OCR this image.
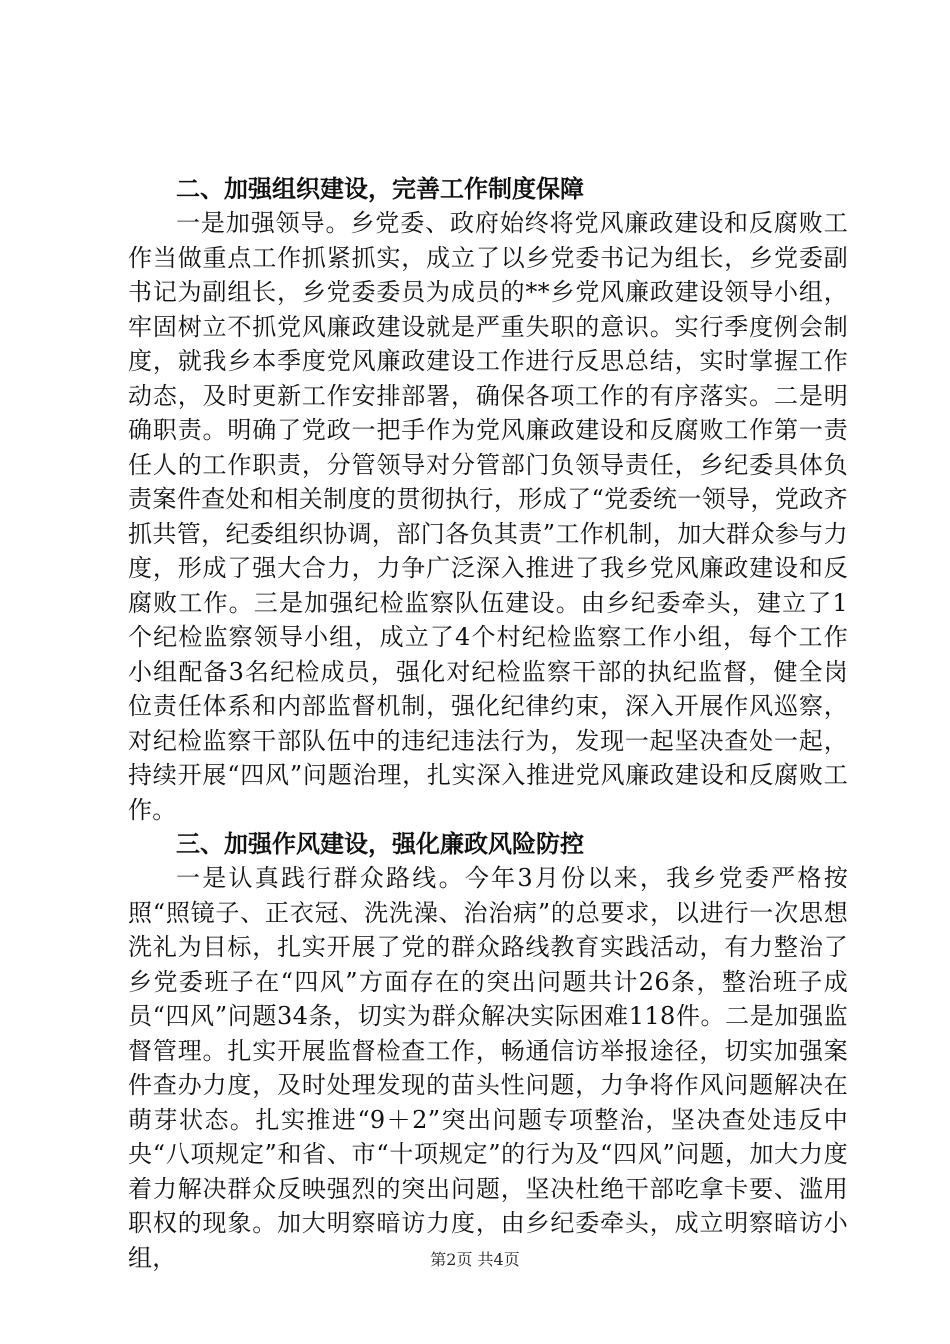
二、加强组织建设，完善工作制度保障

一是加强领导。乡党委、政府始终将党风廉政建设和反腐败工作当做重点工作抓紧抓实，成立了以乡党委书记为组长，乡党委副书记为副组长，乡党委委员为成员的**乡党风廉政建设领导小组，牢固树立不抓党风廉政建设就是严重失职的意识。实行季度例会制度，就我乡本季度党风廉政建设工作进行反思总结，实时掌握工作动态，及时更新工作安排部署，确保各项工作的有序落实。二是明确职责。明确了党政一把手作为党风廉政建设和反腐败工作第一责任人的工作职责，分管领导对分管部门负领导责任，乡纪委具体负责案件查处和相关制度的贯彻执行，形成了“党委统一领导，党政齐抓共管，纪委组织协调，部门各负其责”工作机制，加大群众参与力度，形成了强大合力，力争广泛深入推进了我乡党风廉政建设和反腐败工作。三是加强纪检监察队伍建设。由乡纪委牵头，建立了1个纪检监察领导小组，成立了4个村纪检监察工作小组，每个工作小组配备3名纪检成员，强化对纪检监察干部的执纪监督，健全岗位责任体系和内部监督机制，强化纪律约束，深入开展作风巡察，对纪检监察干部队伍中的违纪违法行为，发现一起坚决查处一起，持续开展“四风”问题治理，扎实深入推进党风廉政建设和反腐败工作。

三、加强作风建设，强化廉政风险防控

一是认真践行群众路线。今年3月份以来，我乡党委严格按照“照镜子、正衣冠、洗洗澡、治治病”的总要求，以进行一次思想洗礼为目标，扎实开展了党的群众路线教育实践活动，有力整治了乡党委班子在“四风”方面存在的突出问题共计26条，整治班子成员“四风”问题34条，切实为群众解决实际困难118件。二是加强监督管理。扎实开展监督检查工作，畅通信访举报途径，切实加强案件查办力度，及时处理发现的苗头性问题，力争将作风问题解决在萌芽状态。扎实推进“9＋2”突出问题专项整治，坚决查处违反中央“八项规定”和省、市“十项规定”的行为及“四风”问题，加大力度着力解决群众反映强烈的突出问题，坚决杜绝干部吃拿卡要、滥用职权的现象。加大明察暗访力度，由乡纪委牵头，成立明察暗访小组，	第2页 共4页
